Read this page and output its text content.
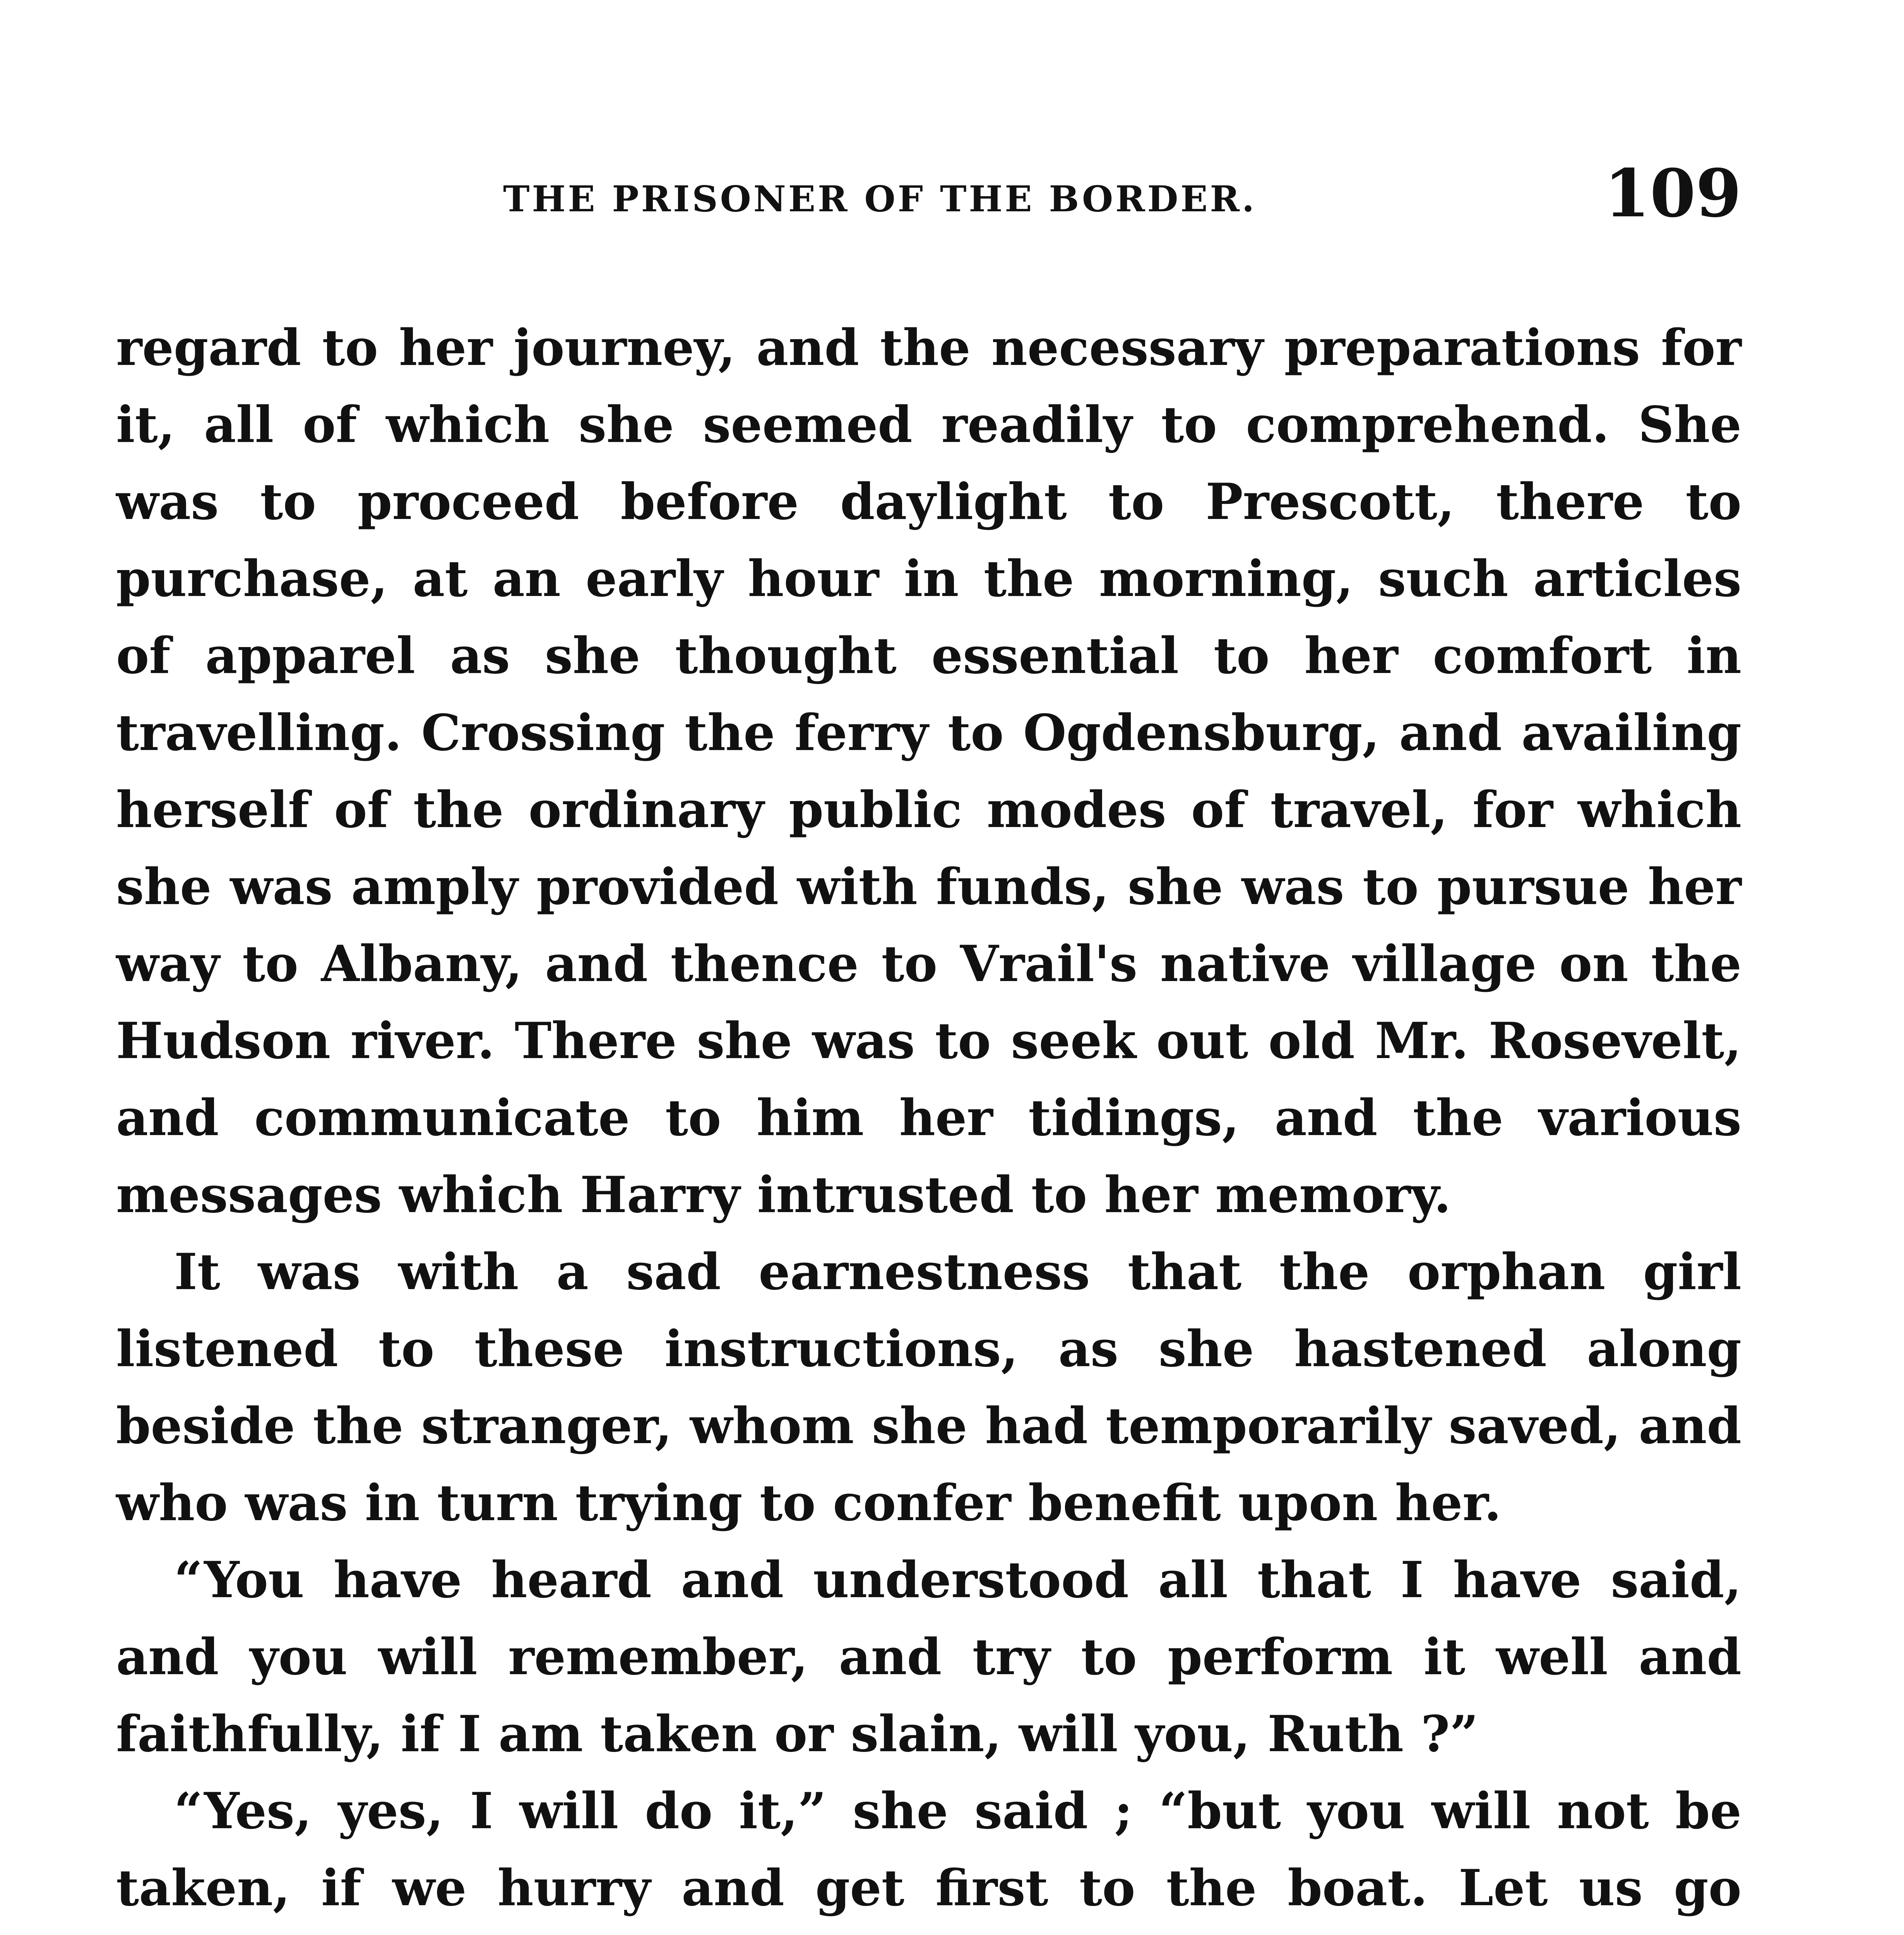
THE PRISONER OF THE BORDER.	109

regard to her journey, and the necessary preparations for it, all of which she seemed readily to comprehend. She was to proceed before daylight to Prescott, there to purchase, at an early hour in the morning, such articles of apparel as she thought essential to her comfort in travelling. Crossing the ferry to Ogdensburg, and availing herself of the ordinary public modes of travel, for which she was amply provided with funds, she was to pursue her way to Albany, and thence to Vrail's native village on the Hudson river. There she was to seek out old Mr. Rosevelt, and communicate to him her tidings, and the various messages which Harry intrusted to her memory.

It was with a sad earnestness that the orphan girl listened to these instructions, as she hastened along beside the stranger, whom she had temporarily saved, and who was in turn trying to confer benefit upon her.

“You have heard and understood all that I have said, and you will remember, and try to perform it well and faithfully, if I am taken or slain, will you, Ruth ?”

“Yes, yes, I will do it,” she said ; “but you will not be taken, if we hurry and get first to the boat. Let us go
